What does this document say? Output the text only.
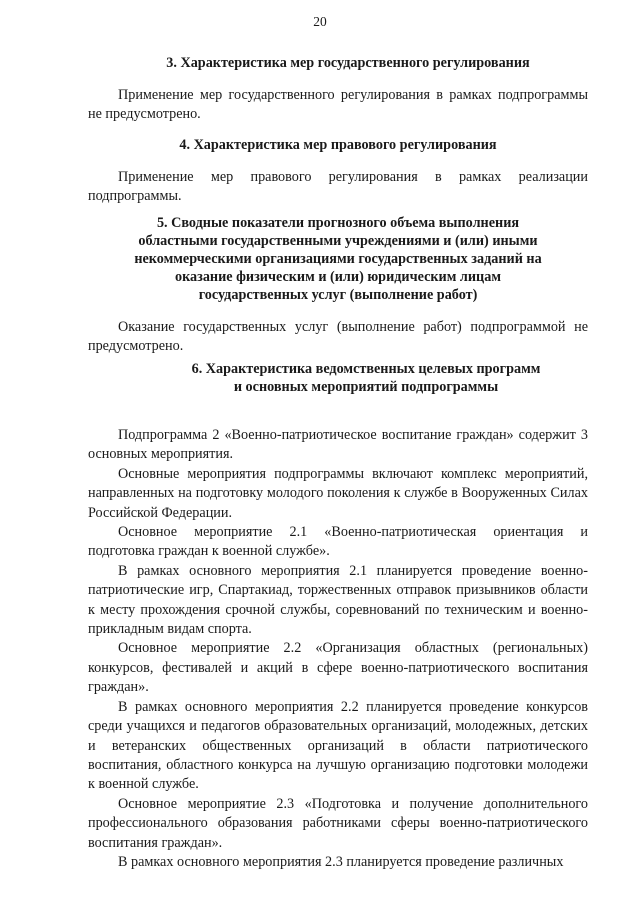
20
3. Характеристика мер государственного регулирования

Применение мер государственного регулирования в рамках подпрограммы не предусмотрено.

4. Характеристика мер правового регулирования

Применение мер правового регулирования в рамках реализации подпрограммы.

5. Сводные показатели прогнозного объема выполнения
областными государственными учреждениями и (или) иными
некоммерческими организациями государственных заданий на
оказание физическим и (или) юридическим лицам
государственных услуг (выполнение работ)

Оказание государственных услуг (выполнение работ) подпрограммой не предусмотрено.

6. Характеристика ведомственных целевых программ
и основных мероприятий подпрограммы

Подпрограмма 2 «Военно-патриотическое воспитание граждан» содержит 3 основных мероприятия.

Основные мероприятия подпрограммы включают комплекс мероприятий, направленных на подготовку молодого поколения к службе в Вооруженных Силах Российской Федерации.

Основное мероприятие 2.1 «Военно-патриотическая ориентация и подготовка граждан к военной службе».

В рамках основного мероприятия 2.1 планируется проведение военно-патриотические игр, Спартакиад, торжественных отправок призывников области к месту прохождения срочной службы, соревнований по техническим и военно-прикладным видам спорта.

Основное мероприятие 2.2 «Организация областных (региональных) конкурсов, фестивалей и акций в сфере военно-патриотического воспитания граждан».

В рамках основного мероприятия 2.2 планируется проведение конкурсов среди учащихся и педагогов образовательных организаций, молодежных, детских и ветеранских общественных организаций в области патриотического воспитания, областного конкурса на лучшую организацию подготовки молодежи к военной службе.

Основное мероприятие 2.3 «Подготовка и получение дополнительного профессионального образования работниками сферы военно-патриотического воспитания граждан».

В рамках основного мероприятия 2.3 планируется проведение различных
